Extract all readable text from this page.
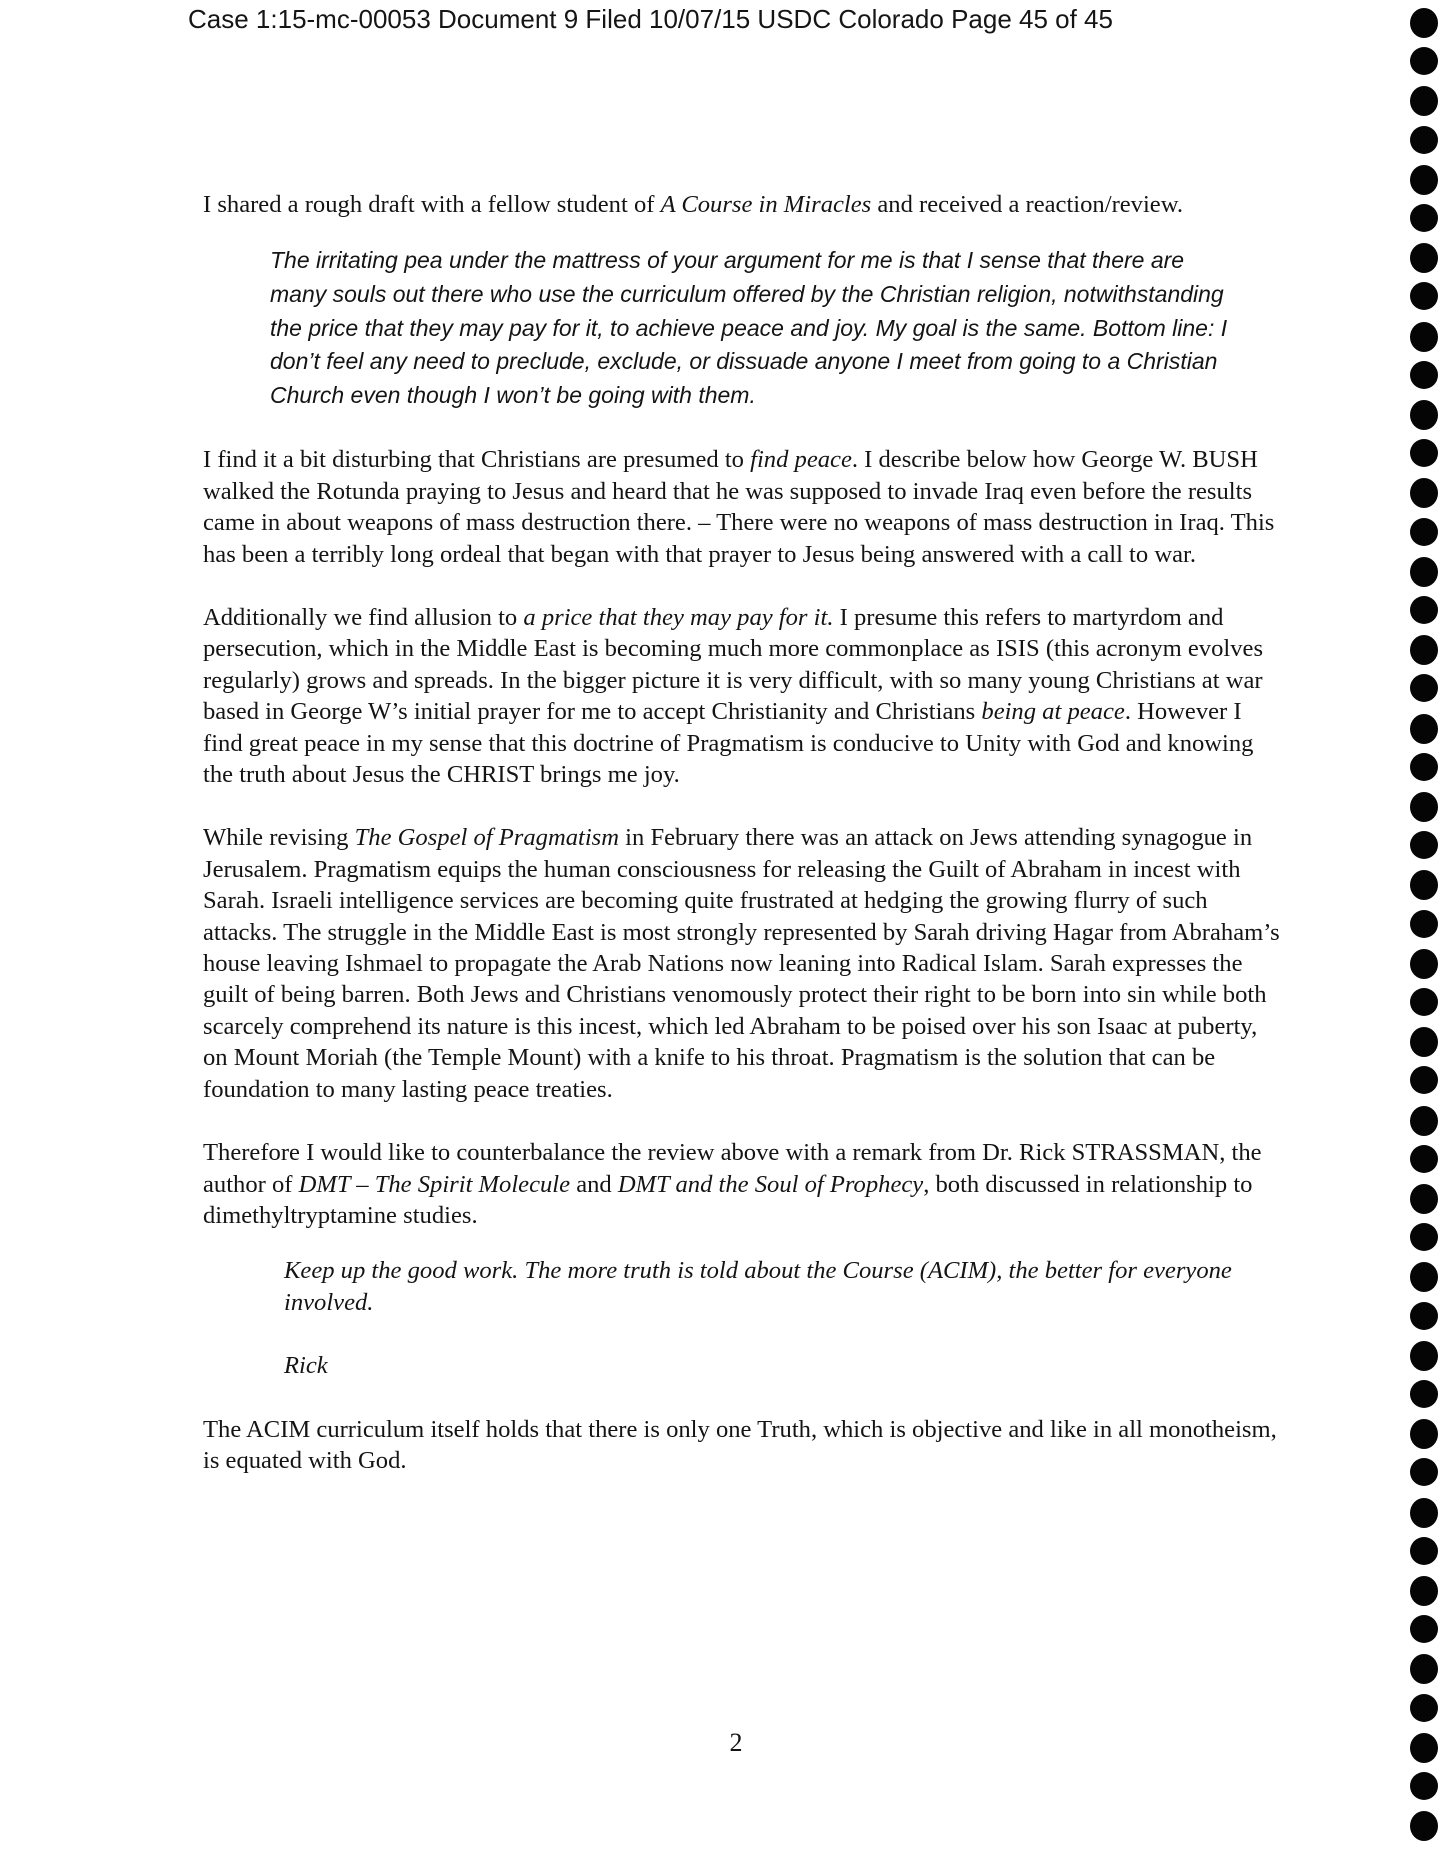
Case 1:15-mc-00053 Document 9 Filed 10/07/15 USDC Colorado Page 45 of 45

I shared a rough draft with a fellow student of A Course in Miracles and received a reaction/review.

The irritating pea under the mattress of your argument for me is that I sense that there are many souls out there who use the curriculum offered by the Christian religion, notwithstanding the price that they may pay for it, to achieve peace and joy. My goal is the same. Bottom line: I don’t feel any need to preclude, exclude, or dissuade anyone I meet from going to a Christian Church even though I won’t be going with them.

I find it a bit disturbing that Christians are presumed to find peace. I describe below how George W. BUSH walked the Rotunda praying to Jesus and heard that he was supposed to invade Iraq even before the results came in about weapons of mass destruction there. – There were no weapons of mass destruction in Iraq. This has been a terribly long ordeal that began with that prayer to Jesus being answered with a call to war.

Additionally we find allusion to a price that they may pay for it. I presume this refers to martyrdom and persecution, which in the Middle East is becoming much more commonplace as ISIS (this acronym evolves regularly) grows and spreads. In the bigger picture it is very difficult, with so many young Christians at war based in George W’s initial prayer for me to accept Christianity and Christians being at peace. However I find great peace in my sense that this doctrine of Pragmatism is conducive to Unity with God and knowing the truth about Jesus the CHRIST brings me joy.

While revising The Gospel of Pragmatism in February there was an attack on Jews attending synagogue in Jerusalem. Pragmatism equips the human consciousness for releasing the Guilt of Abraham in incest with Sarah. Israeli intelligence services are becoming quite frustrated at hedging the growing flurry of such attacks. The struggle in the Middle East is most strongly represented by Sarah driving Hagar from Abraham’s house leaving Ishmael to propagate the Arab Nations now leaning into Radical Islam. Sarah expresses the guilt of being barren. Both Jews and Christians venomously protect their right to be born into sin while both scarcely comprehend its nature is this incest, which led Abraham to be poised over his son Isaac at puberty, on Mount Moriah (the Temple Mount) with a knife to his throat. Pragmatism is the solution that can be foundation to many lasting peace treaties.

Therefore I would like to counterbalance the review above with a remark from Dr. Rick STRASSMAN, the author of DMT – The Spirit Molecule and DMT and the Soul of Prophecy, both discussed in relationship to dimethyltryptamine studies.

Keep up the good work. The more truth is told about the Course (ACIM), the better for everyone involved.

Rick

The ACIM curriculum itself holds that there is only one Truth, which is objective and like in all monotheism, is equated with God.

2
